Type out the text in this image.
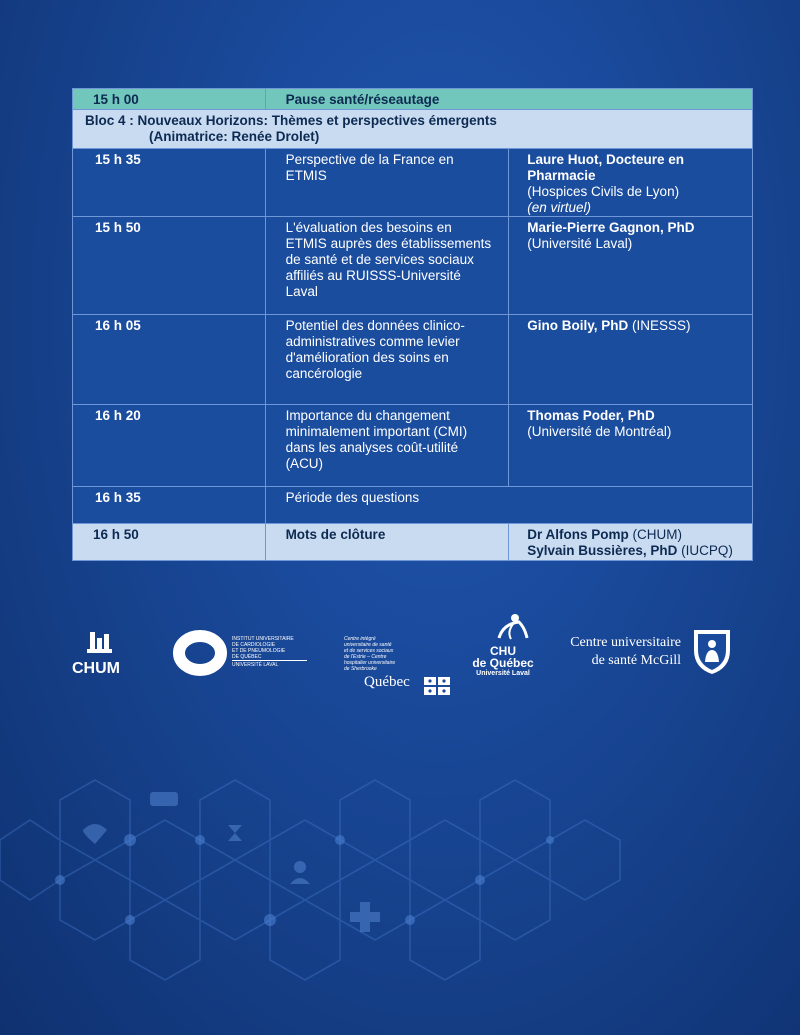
15 h 00	Pause santé/réseautage	
Bloc 4 : Nouveaux Horizons: Thèmes et perspectives émergents
(Animatrice: Renée Drolet)		

15 h 35	Perspective de la France en ETMIS	Laure Huot, Docteure en Pharmacie
(Hospices Civils de Lyon)
(en virtuel)

15 h 50	L'évaluation des besoins en ETMIS auprès des établissements de santé et de services sociaux affiliés au RUISSS-Université Laval	Marie-Pierre Gagnon, PhD (Université Laval)
16 h 05	Potentiel des données clinico-administratives comme levier d'amélioration des soins en cancérologie	Gino Boily, PhD (INESSS)
16 h 20	Importance du changement minimalement important (CMI) dans les analyses coût-utilité (ACU)	Thomas Poder, PhD
(Université de Montréal)

16 h 35	Période des questions	
16 h 50	Mots de clôture	Dr Alfons Pomp (CHUM)
Sylvain Bussières, PhD (IUCPQ)
CHUM
INSTITUT UNIVERSITAIRE
DE CARDIOLOGIE
ET DE PNEUMOLOGIE
DE QUÉBEC
UNIVERSITÉ LAVAL
Centre intégré
universitaire de santé
et de services sociaux
de l'Estrie – Centre
hospitalier universitaire
de Sherbrooke
Québec
CHU
de Québec
Université Laval
Centre universitaire
de santé McGill
